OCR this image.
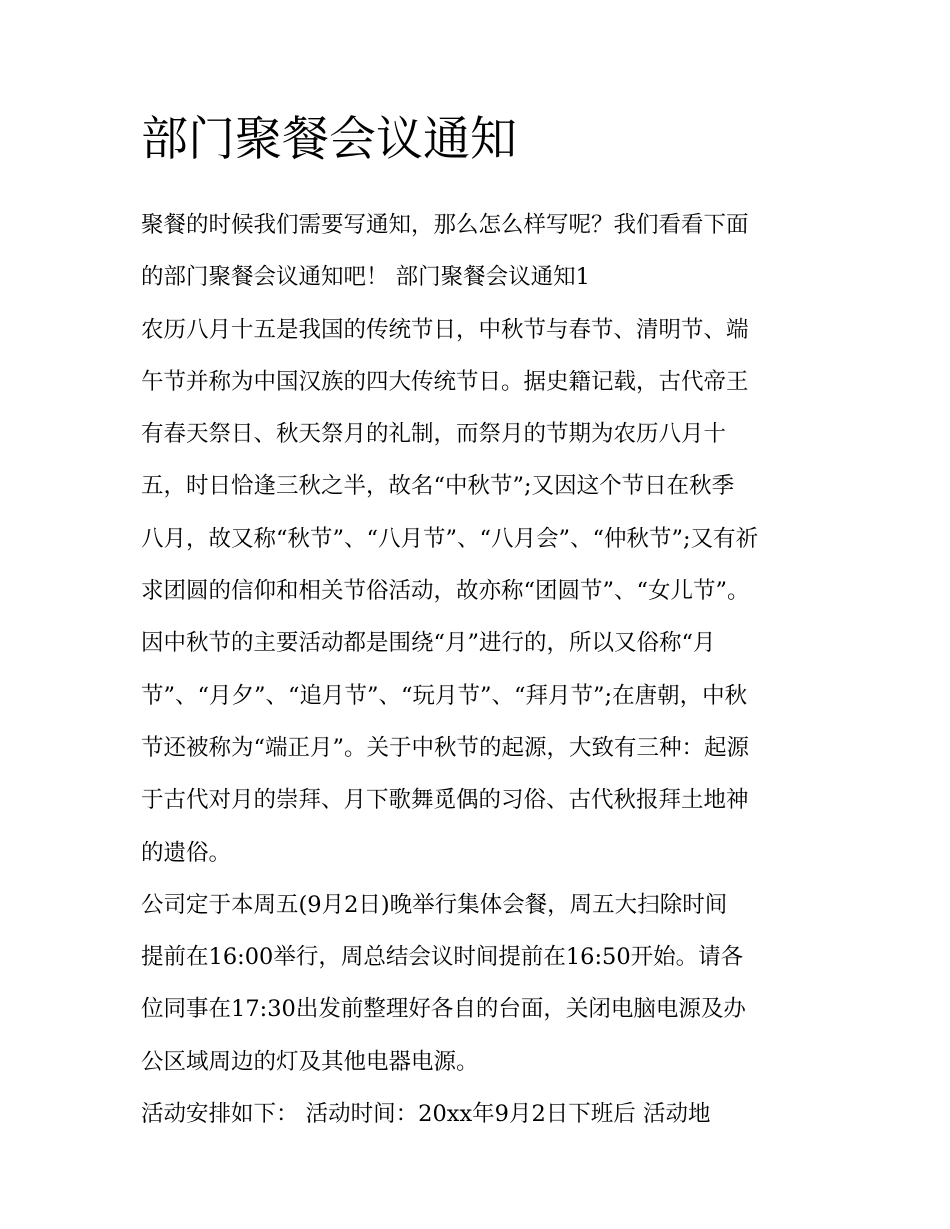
部门聚餐会议通知
聚餐的时候我们需要写通知，那么怎么样写呢？我们看看下面
的部门聚餐会议通知吧！ 部门聚餐会议通知1
农历八月十五是我国的传统节日，中秋节与春节、清明节、端
午节并称为中国汉族的四大传统节日。据史籍记载，古代帝王
有春天祭日、秋天祭月的礼制，而祭月的节期为农历八月十
五，时日恰逢三秋之半，故名“中秋节”;又因这个节日在秋季
八月，故又称“秋节”、“八月节”、“八月会”、“仲秋节”;又有祈
求团圆的信仰和相关节俗活动，故亦称“团圆节”、“女儿节”。
因中秋节的主要活动都是围绕“月”进行的，所以又俗称“月
节”、“月夕”、“追月节”、“玩月节”、“拜月节”;在唐朝，中秋
节还被称为“端正月”。关于中秋节的起源，大致有三种：起源
于古代对月的崇拜、月下歌舞觅偶的习俗、古代秋报拜土地神
的遗俗。
公司定于本周五(9月2日)晚举行集体会餐，周五大扫除时间
提前在16:00举行，周总结会议时间提前在16:50开始。请各
位同事在17:30出发前整理好各自的台面，关闭电脑电源及办
公区域周边的灯及其他电器电源。
活动安排如下： 活动时间：20xx年9月2日下班后 活动地
